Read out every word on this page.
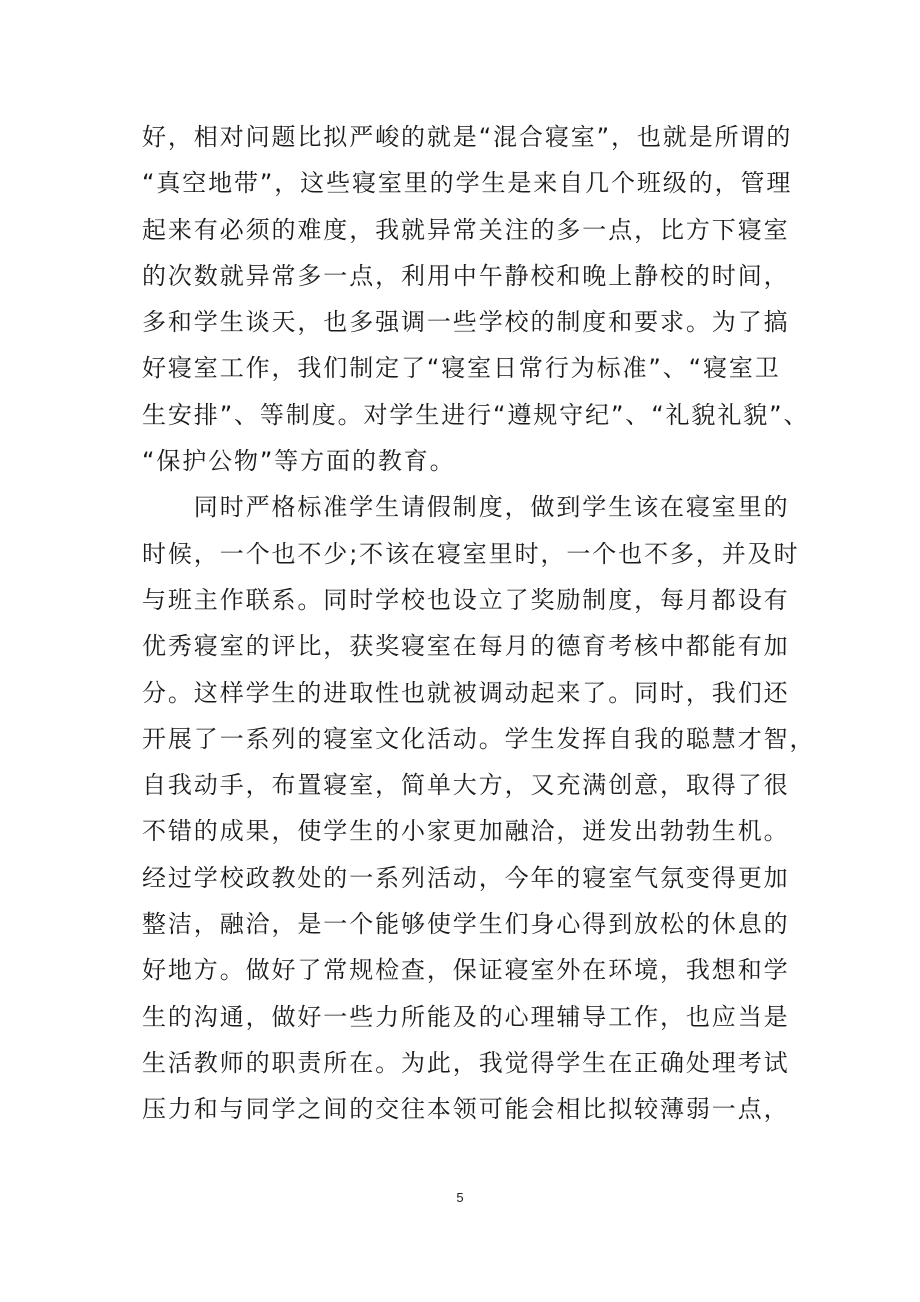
好，相对问题比拟严峻的就是“混合寝室”，也就是所谓的
“真空地带”，这些寝室里的学生是来自几个班级的，管理
起来有必须的难度，我就异常关注的多一点，比方下寝室
的次数就异常多一点，利用中午静校和晚上静校的时间，
多和学生谈天，也多强调一些学校的制度和要求。为了搞
好寝室工作，我们制定了“寝室日常行为标准”、“寝室卫
生安排”、等制度。对学生进行“遵规守纪”、“礼貌礼貌”、
“保护公物”等方面的教育。
　　同时严格标准学生请假制度，做到学生该在寝室里的
时候，一个也不少;不该在寝室里时，一个也不多，并及时
与班主作联系。同时学校也设立了奖励制度，每月都设有
优秀寝室的评比，获奖寝室在每月的德育考核中都能有加
分。这样学生的进取性也就被调动起来了。同时，我们还
开展了一系列的寝室文化活动。学生发挥自我的聪慧才智，
自我动手，布置寝室，简单大方，又充满创意，取得了很
不错的成果，使学生的小家更加融洽，迸发出勃勃生机。
经过学校政教处的一系列活动，今年的寝室气氛变得更加
整洁，融洽，是一个能够使学生们身心得到放松的休息的
好地方。做好了常规检查，保证寝室外在环境，我想和学
生的沟通，做好一些力所能及的心理辅导工作，也应当是
生活教师的职责所在。为此，我觉得学生在正确处理考试
压力和与同学之间的交往本领可能会相比拟较薄弱一点，
5
